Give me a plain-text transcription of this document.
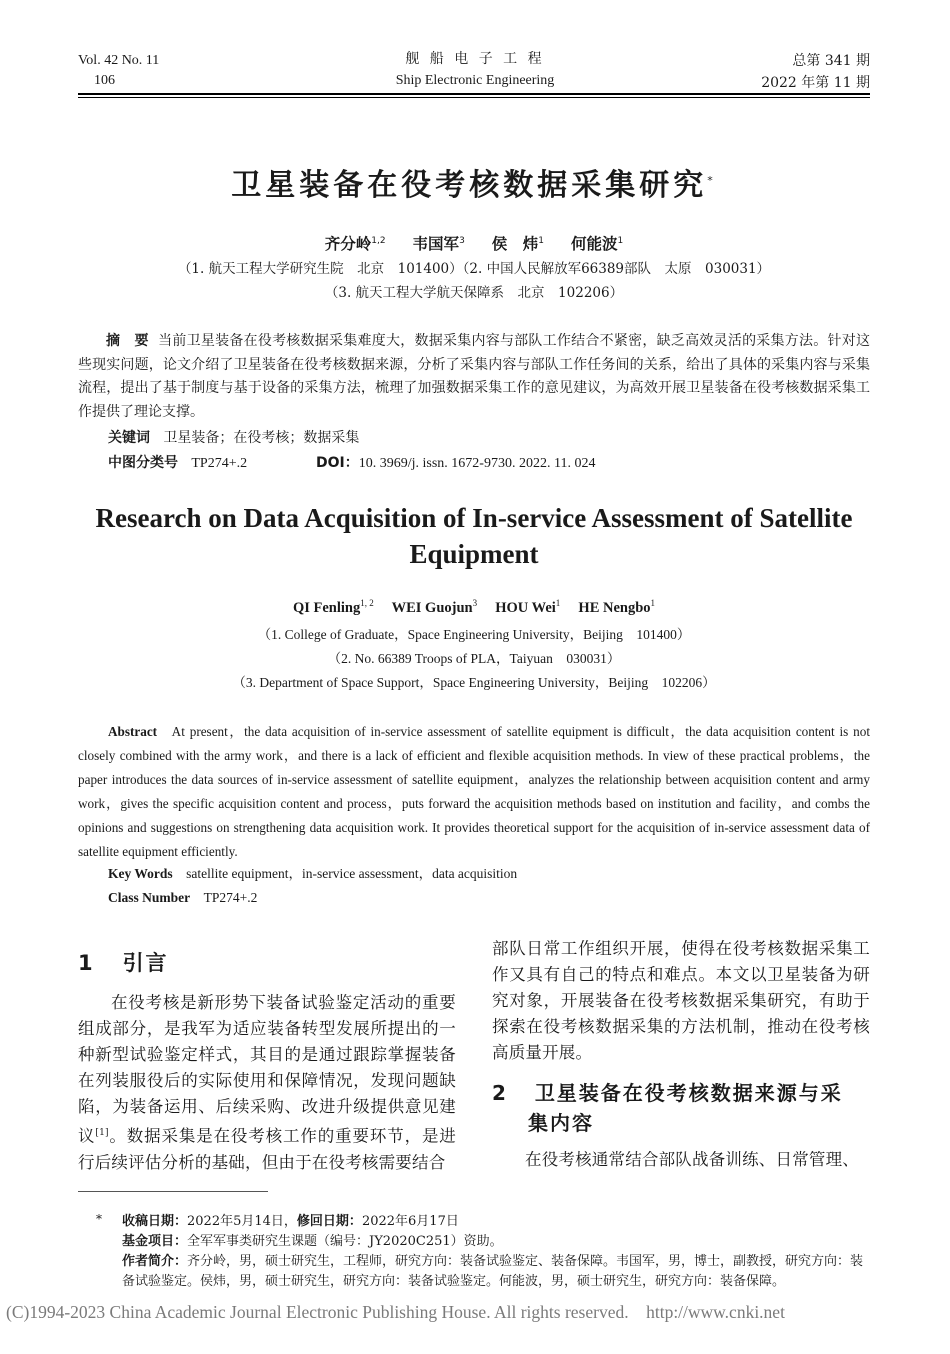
Vol. 42 No. 11
106
舰 船 电 子 工 程
Ship Electronic Engineering
总第 341 期
2022 年第 11 期
卫星装备在役考核数据采集研究*
齐分岭$^{1,2}$ 韦国军$^3$ 侯　炜$^1$ 何能波$^1$
（1. 航天工程大学研究生院　北京　101400）（2. 中国人民解放军66389部队　太原　030031）
（3. 航天工程大学航天保障系　北京　102206）
摘　要 当前卫星装备在役考核数据采集难度大，数据采集内容与部队工作结合不紧密，缺乏高效灵活的采集方法。针对这些现实问题，论文介绍了卫星装备在役考核数据来源，分析了采集内容与部队工作任务间的关系，给出了具体的采集内容与采集流程，提出了基于制度与基于设备的采集方法，梳理了加强数据采集工作的意见建议，为高效开展卫星装备在役考核数据采集工作提供了理论支撑。
关键词 卫星装备；在役考核；数据采集
中图分类号 TP274+.2	DOI：10. 3969/j. issn. 1672-9730. 2022. 11. 024
Research on Data Acquisition of In-service Assessment of Satellite Equipment
QI Fenling$^{1, 2}$ WEI Guojun$^3$ HOU Wei$^1$ HE Nengbo$^1$
（1. College of Graduate，Space Engineering University，Beijing　101400）
（2. No. 66389 Troops of PLA，Taiyuan　030031）
（3. Department of Space Support，Space Engineering University，Beijing　102206）
Abstract At present，the data acquisition of in-service assessment of satellite equipment is difficult，the data acquisition content is not closely combined with the army work，and there is a lack of efficient and flexible acquisition methods. In view of these practical problems，the paper introduces the data sources of in-service assessment of satellite equipment，analyzes the relationship between acquisition content and army work，gives the specific acquisition content and process，puts forward the acquisition methods based on institution and facility，and combs the opinions and suggestions on strengthening data acquisition work. It provides theoretical support for the acquisition of in-service assessment data of satellite equipment efficiently.
Key Words satellite equipment，in-service assessment，data acquisition
Class Number TP274+.2
1 引言
在役考核是新形势下装备试验鉴定活动的重要组成部分，是我军为适应装备转型发展所提出的一种新型试验鉴定样式，其目的是通过跟踪掌握装备在列装服役后的实际使用和保障情况，发现问题缺陷，为装备运用、后续采购、改进升级提供意见建议[1]。数据采集是在役考核工作的重要环节，是进行后续评估分析的基础，但由于在役考核需要结合
部队日常工作组织开展，使得在役考核数据采集工作又具有自己的特点和难点。本文以卫星装备为研究对象，开展装备在役考核数据采集研究，有助于探索在役考核数据采集的方法机制，推动在役考核高质量开展。
2 卫星装备在役考核数据来源与采
集内容
在役考核通常结合部队战备训练、日常管理、
* 收稿日期：2022年5月14日，修回日期：2022年6月17日
基金项目：全军军事类研究生课题（编号：JY2020C251）资助。
作者简介：齐分岭，男，硕士研究生，工程师，研究方向：装备试验鉴定、装备保障。韦国军，男，博士，副教授，研究方向：装备试验鉴定。侯炜，男，硕士研究生，研究方向：装备试验鉴定。何能波，男，硕士研究生，研究方向：装备保障。
(C)1994-2023 China Academic Journal Electronic Publishing House. All rights reserved. http://www.cnki.net
